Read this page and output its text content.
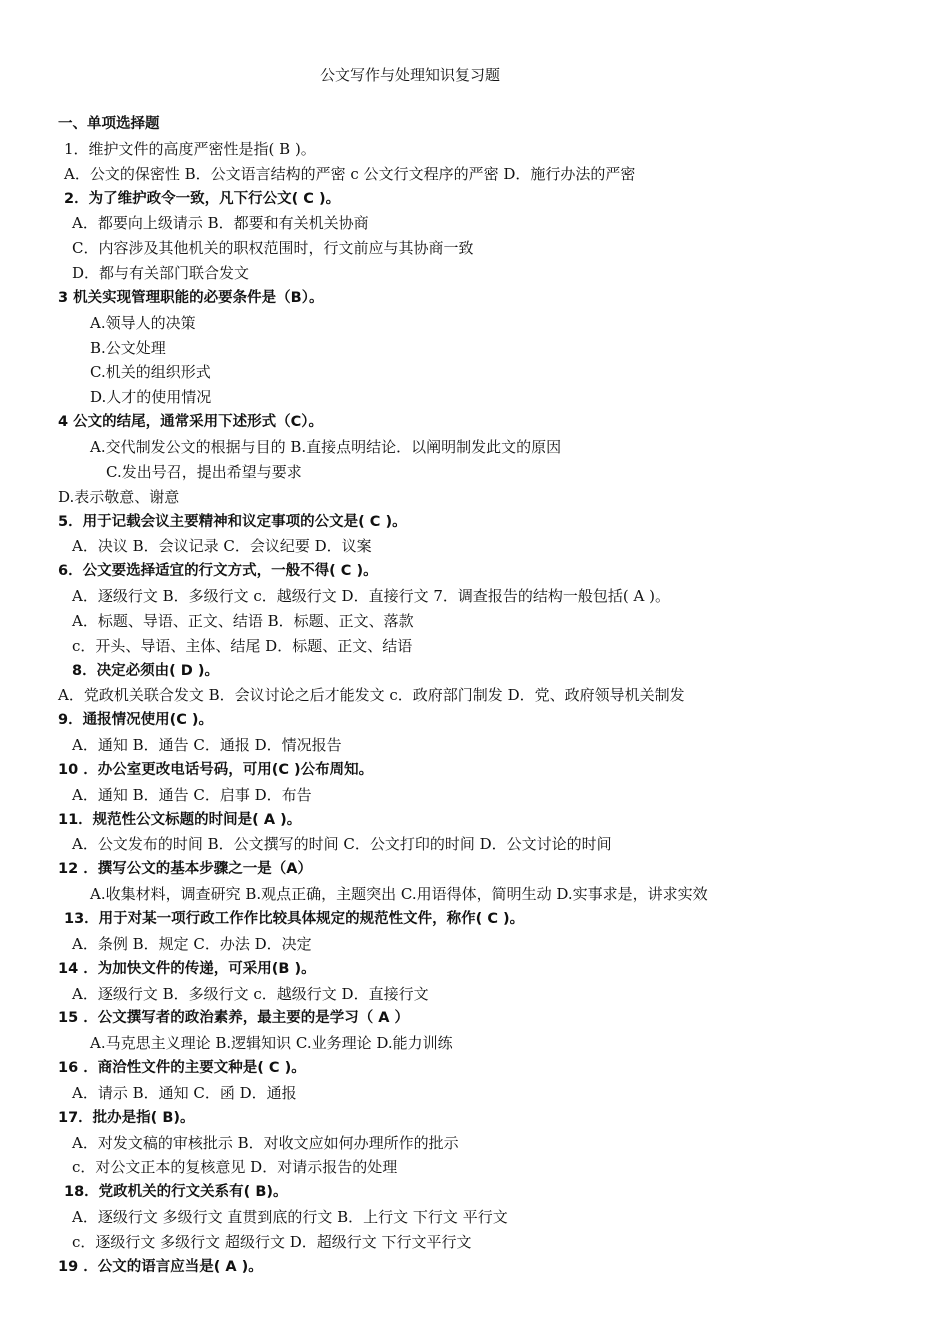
公文写作与处理知识复习题
一、单项选择题
1．维护文件的高度严密性是指( B )。
A．公文的保密性 B．公文语言结构的严密 c 公文行文程序的严密 D．施行办法的严密
2．为了维护政令一致，凡下行公文( C )。
A．都要向上级请示 B．都要和有关机关协商
C．内容涉及其他机关的职权范围时，行文前应与其协商一致
D．都与有关部门联合发文
3 机关实现管理职能的必要条件是（B）。
A.领导人的决策
B.公文处理
C.机关的组织形式
D.人才的使用情况
4 公文的结尾，通常采用下述形式（C）。
A.交代制发公文的根据与目的 B.直接点明结论．以阐明制发此文的原因
C.发出号召，提出希望与要求
D.表示敬意、谢意
5．用于记载会议主要精神和议定事项的公文是( C )。
A．决议 B．会议记录 C．会议纪要 D．议案
6．公文要选择适宜的行文方式，一般不得( C )。
A．逐级行文 B．多级行文 c．越级行文 D．直接行文 7．调查报告的结构一般包括( A )。
A．标题、导语、正文、结语 B．标题、正文、落款
c．开头、导语、主体、结尾 D．标题、正文、结语
8．决定必须由( D )。
A．党政机关联合发文 B．会议讨论之后才能发文 c．政府部门制发 D．党、政府领导机关制发
9．通报情况使用(C )。
A．通知 B．通告 C．通报 D．情况报告
10 ．办公室更改电话号码，可用(C )公布周知。
A．通知 B．通告 C．启事 D．布告
11．规范性公文标题的时间是( A )。
A．公文发布的时间 B．公文撰写的时间 C．公文打印的时间 D．公文讨论的时间
12 ．撰写公文的基本步骤之一是（A）
A.收集材料，调查研究 B.观点正确，主题突出 C.用语得体，简明生动 D.实事求是，讲求实效
13．用于对某一项行政工作作比较具体规定的规范性文件，称作( C )。
A．条例 B．规定 C．办法 D．决定
14 ．为加快文件的传递，可采用(B )。
A．逐级行文 B．多级行文 c．越级行文 D．直接行文
15 ．公文撰写者的政治素养，最主要的是学习（ A ）
A.马克思主义理论 B.逻辑知识 C.业务理论 D.能力训练
16 ．商洽性文件的主要文种是( C )。
A．请示 B．通知 C．函 D．通报
17．批办是指( B)。
A．对发文稿的审核批示 B．对收文应如何办理所作的批示
c．对公文正本的复核意见 D．对请示报告的处理
18．党政机关的行文关系有( B)。
A．逐级行文 多级行文 直贯到底的行文 B．上行文 下行文 平行文
c．逐级行文 多级行文 超级行文 D．超级行文 下行文平行文
19 ．公文的语言应当是( A )。
